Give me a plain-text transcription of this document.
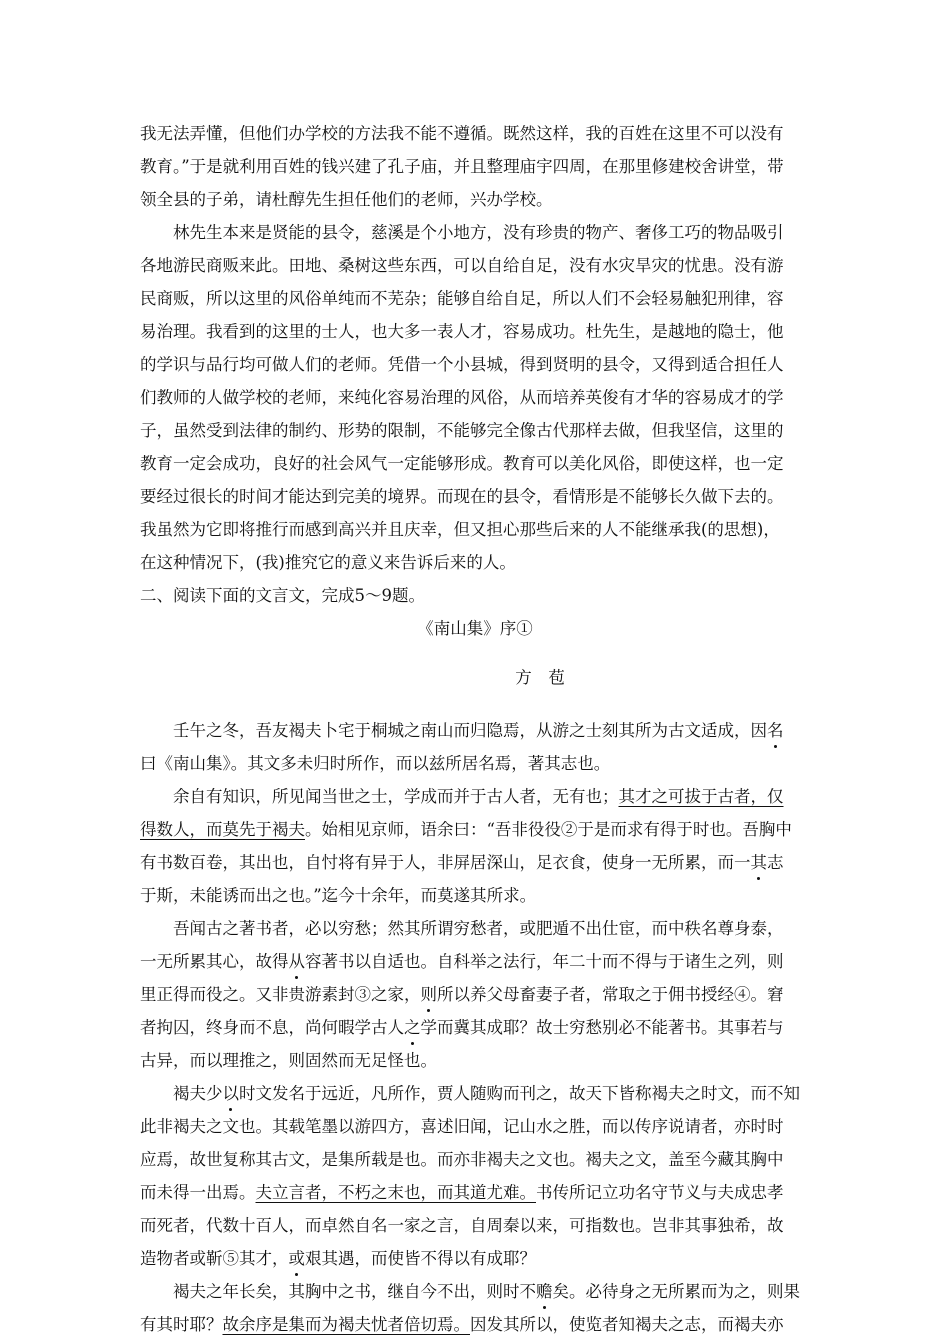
我无法弄懂，但他们办学校的方法我不能不遵循。既然这样，我的百姓在这里不可以没有
教育。”于是就利用百姓的钱兴建了孔子庙，并且整理庙宇四周，在那里修建校舍讲堂，带
领全县的子弟，请杜醇先生担任他们的老师，兴办学校。
林先生本来是贤能的县令，慈溪是个小地方，没有珍贵的物产、奢侈工巧的物品吸引
各地游民商贩来此。田地、桑树这些东西，可以自给自足，没有水灾旱灾的忧患。没有游
民商贩，所以这里的风俗单纯而不芜杂；能够自给自足，所以人们不会轻易触犯刑律，容
易治理。我看到的这里的士人，也大多一表人才，容易成功。杜先生，是越地的隐士，他
的学识与品行均可做人们的老师。凭借一个小县城，得到贤明的县令，又得到适合担任人
们教师的人做学校的老师，来纯化容易治理的风俗，从而培养英俊有才华的容易成才的学
子，虽然受到法律的制约、形势的限制，不能够完全像古代那样去做，但我坚信，这里的
教育一定会成功，良好的社会风气一定能够形成。教育可以美化风俗，即使这样，也一定
要经过很长的时间才能达到完美的境界。而现在的县令，看情形是不能够长久做下去的。
我虽然为它即将推行而感到高兴并且庆幸，但又担心那些后来的人不能继承我(的思想)，
在这种情况下，(我)推究它的意义来告诉后来的人。
二、阅读下面的文言文，完成5～9题。
《南山集》序①
方　苞
壬午之冬，吾友褐夫卜宅于桐城之南山而归隐焉，从游之士刻其所为古文适成，因名
曰《南山集》。其文多未归时所作，而以兹所居名焉，著其志也。
余自有知识，所见闻当世之士，学成而并于古人者，无有也；其才之可拔于古者，仅
得数人，而莫先于褐夫。始相见京师，语余曰：“吾非役役②于是而求有得于时也。吾胸中
有书数百卷，其出也，自忖将有异于人，非屏居深山，足衣食，使身一无所累，而一其志
于斯，未能诱而出之也。”迄今十余年，而莫遂其所求。
吾闻古之著书者，必以穷愁；然其所谓穷愁者，或肥遁不出仕宦，而中秩名尊身泰，
一无所累其心，故得从容著书以自适也。自科举之法行，年二十而不得与于诸生之列，则
里正得而役之。又非贵游素封③之家，则所以养父母畜妻子者，常取之于佣书授经④。窘
者拘囚，终身而不息，尚何暇学古人之学而冀其成耶？故士穷愁别必不能著书。其事若与
古异，而以理推之，则固然而无足怪也。
褐夫少以时文发名于远近，凡所作，贾人随购而刊之，故天下皆称褐夫之时文，而不知
此非褐夫之文也。其载笔墨以游四方，喜述旧闻，记山水之胜，而以传序说请者，亦时时
应焉，故世复称其古文，是集所载是也。而亦非褐夫之文也。褐夫之文，盖至今藏其胸中
而未得一出焉。夫立言者，不朽之末也，而其道尤难。书传所记立功名守节义与夫成忠孝
而死者，代数十百人，而卓然自名一家之言，自周秦以来，可指数也。岂非其事独希，故
造物者或靳⑤其才，或艰其遇，而使皆不得以有成耶？
褐夫之年长矣，其胸中之书，继自今不出，则时不赡矣。必待身之无所累而为之，则果
有其时耶？故余序是集而为褐夫忧者倍切焉。因发其所以，使览者知褐夫之志，而褐夫亦
